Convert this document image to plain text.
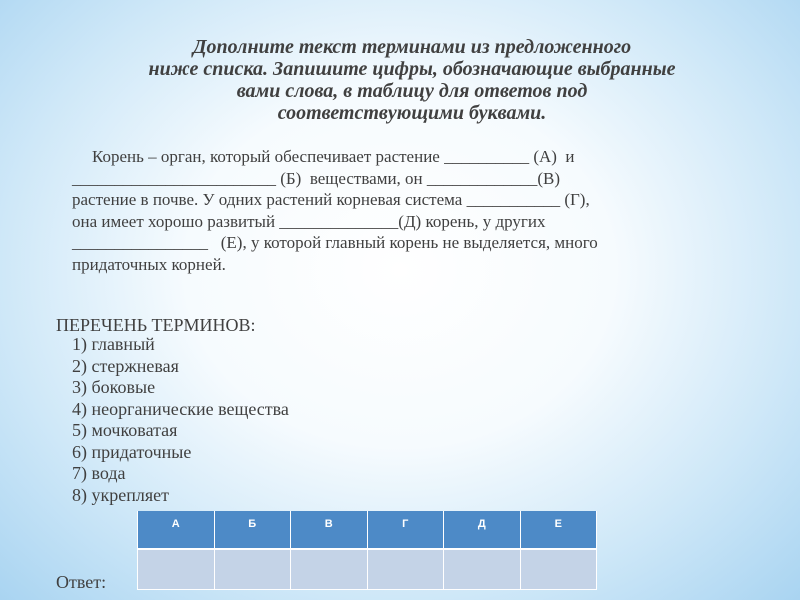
Дополните текст терминами из предложенного
ниже списка. Запишите цифры, обозначающие выбранные
вами слова, в таблицу для ответов под
соответствующими буквами.
Корень – орган, который обеспечивает растение __________ (А)  и
________________________ (Б)  веществами, он _____________(В)
растение в почве. У одних растений корневая система ___________ (Г),
она имеет хорошо развитый ______________(Д) корень, у других
________________   (Е), у которой главный корень не выделяется, много
придаточных корней.
ПЕРЕЧЕНЬ ТЕРМИНОВ:
1) главный
2) стержневая
3) боковые
4) неорганические вещества
5) мочковатая
6) придаточные
7) вода
8) укрепляет
А	Б	В	Г	Д	Е

Ответ:
